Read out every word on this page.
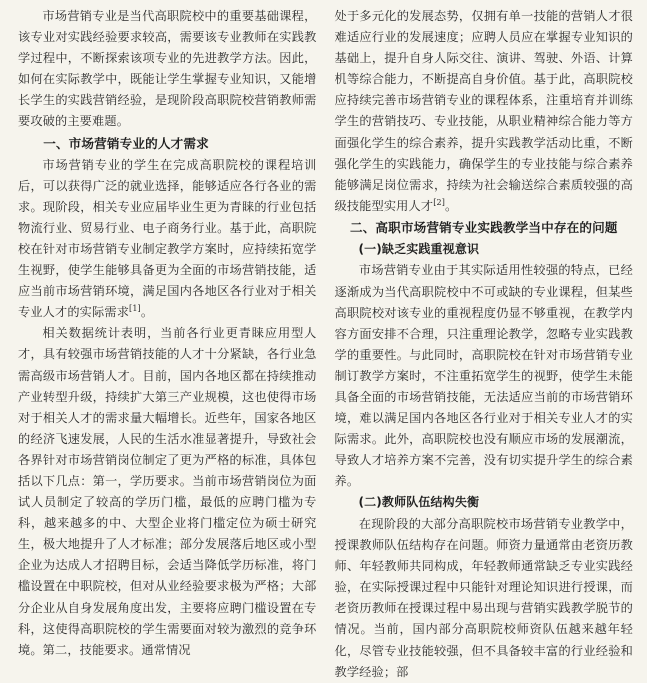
市场营销专业是当代高职院校中的重要基础课程，该专业对实践经验要求较高，需要该专业教师在实践教学过程中，不断探索该项专业的先进教学方法。因此，如何在实际教学中，既能让学生掌握专业知识，又能增长学生的实践营销经验，是现阶段高职院校营销教师需要攻破的主要难题。

一、市场营销专业的人才需求

市场营销专业的学生在完成高职院校的课程培训后，可以获得广泛的就业选择，能够适应各行各业的需求。现阶段，相关专业应届毕业生更为青睐的行业包括物流行业、贸易行业、电子商务行业。基于此，高职院校在针对市场营销专业制定教学方案时，应持续拓宽学生视野，使学生能够具备更为全面的市场营销技能，适应当前市场营销环境，满足国内各地区各行业对于相关专业人才的实际需求[1]。

相关数据统计表明，当前各行业更青睐应用型人才，具有较强市场营销技能的人才十分紧缺，各行业急需高级市场营销人才。目前，国内各地区都在持续推动产业转型升级，持续扩大第三产业规模，这也使得市场对于相关人才的需求量大幅增长。近些年，国家各地区的经济飞速发展，人民的生活水准显著提升，导致社会各界针对市场营销岗位制定了更为严格的标准，具体包括以下几点：第一，学历要求。当前市场营销岗位为面试人员制定了较高的学历门槛，最低的应聘门槛为专科，越来越多的中、大型企业将门槛定位为硕士研究生，极大地提升了人才标准；部分发展落后地区或小型企业为达成人才招聘目标，会适当降低学历标准，将门槛设置在中职院校，但对从业经验要求极为严格；大部分企业从自身发展角度出发，主要将应聘门槛设置在专科，这使得高职院校的学生需要面对较为激烈的竞争环境。第二，技能要求。通常情况

处于多元化的发展态势，仅拥有单一技能的营销人才很难适应行业的发展速度；应聘人员应在掌握专业知识的基础上，提升自身人际交往、演讲、驾驶、外语、计算机等综合能力，不断提高自身价值。基于此，高职院校应持续完善市场营销专业的课程体系，注重培育并训练学生的营销技巧、专业技能，从职业精神综合能力等方面强化学生的综合素养，提升实践教学活动比重，不断强化学生的实践能力，确保学生的专业技能与综合素养能够满足岗位需求，持续为社会输送综合素质较强的高级技能型实用人才[2]。

二、高职市场营销专业实践教学当中存在的问题
(一)缺乏实践重视意识

市场营销专业由于其实际适用性较强的特点，已经逐渐成为当代高职院校中不可或缺的专业课程，但某些高职院校对该专业的重视程度仍显不够重视，在教学内容方面安排不合理，只注重理论教学，忽略专业实践教学的重要性。与此同时，高职院校在针对市场营销专业制订教学方案时，不注重拓宽学生的视野，使学生未能具备全面的市场营销技能，无法适应当前的市场营销环境，难以满足国内各地区各行业对于相关专业人才的实际需求。此外，高职院校也没有顺应市场的发展潮流，导致人才培养方案不完善，没有切实提升学生的综合素养。

(二)教师队伍结构失衡

在现阶段的大部分高职院校市场营销专业教学中，授课教师队伍结构存在问题。师资力量通常由老资历教师、年轻教师共同构成，年轻教师通常缺乏专业实践经验，在实际授课过程中只能针对理论知识进行授课，而老资历教师在授课过程中易出现与营销实践教学脱节的情况。当前，国内部分高职院校师资队伍越来越年轻化，尽管专业技能较强，但不具备较丰富的行业经验和教学经验；部
